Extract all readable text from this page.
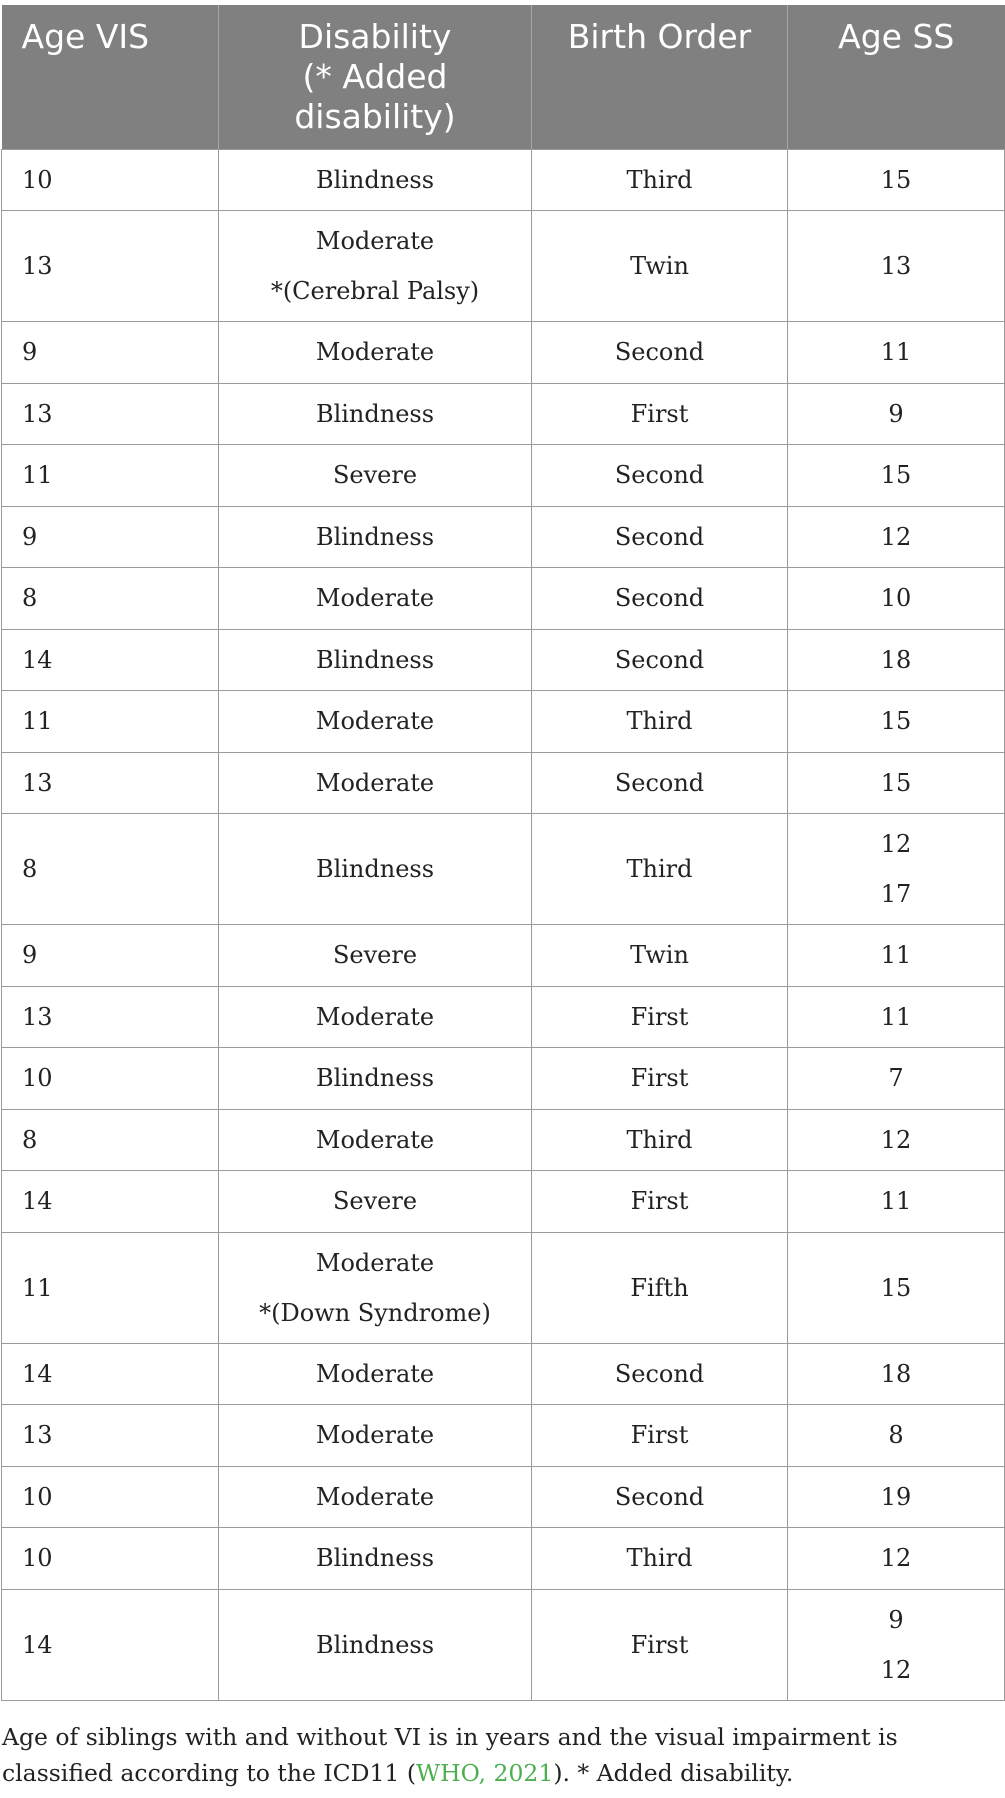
Age VIS	Disability
(* Added
disability)	Birth Order	Age SS
10	Blindness	Third	15

13	Moderate
*(Cerebral Palsy)	Twin	13

9	Moderate	Second	11

13	Blindness	First	9

11	Severe	Second	15

9	Blindness	Second	12

8	Moderate	Second	10

14	Blindness	Second	18

11	Moderate	Third	15

13	Moderate	Second	15

8	Blindness	Third	12
17

9	Severe	Twin	11

13	Moderate	First	11

10	Blindness	First	7

8	Moderate	Third	12

14	Severe	First	11

11	Moderate
*(Down Syndrome)	Fifth	15

14	Moderate	Second	18

13	Moderate	First	8

10	Moderate	Second	19

10	Blindness	Third	12

14	Blindness	First	9
12
Age of siblings with and without VI is in years and the visual impairment is classified according to the ICD11 (WHO, 2021). * Added disability.
